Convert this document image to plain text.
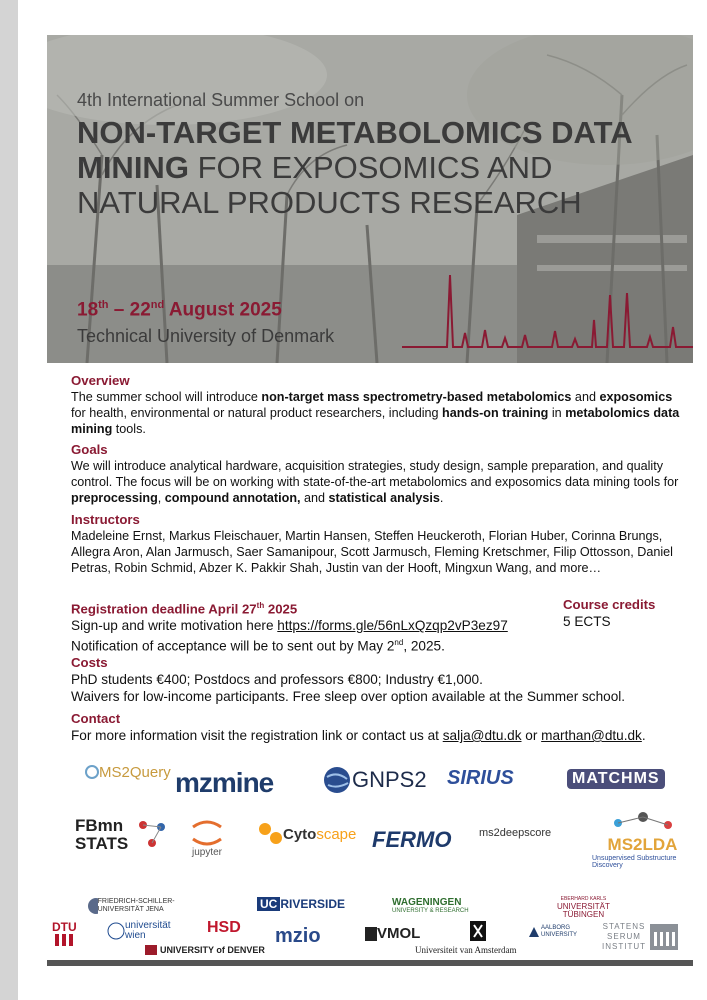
4th International Summer School on
NON-TARGET METABOLOMICS DATA MINING FOR EXPOSOMICS AND NATURAL PRODUCTS RESEARCH
18th – 22nd August 2025
Technical University of Denmark
Overview

The summer school will introduce non-target mass spectrometry-based metabolomics and exposomics for health, environmental or natural product researchers, including hands-on training in metabolomics data mining tools.

Goals

We will introduce analytical hardware, acquisition strategies, study design, sample preparation, and quality control. The focus will be on working with state-of-the-art metabolomics and exposomics data mining tools for preprocessing, compound annotation, and statistical analysis.

Instructors

Madeleine Ernst, Markus Fleischauer, Martin Hansen, Steffen Heuckeroth, Florian Huber, Corinna Brungs, Allegra Aron, Alan Jarmusch, Saer Samanipour, Scott Jarmusch, Fleming Kretschmer, Filip Ottosson, Daniel Petras, Robin Schmid, Abzer K. Pakkir Shah, Justin van der Hooft, Mingxun Wang, and more…

Registration deadline April 27th 2025

Sign-up and write motivation here https://forms.gle/56nLxQzqp2vP3ez97

Notification of acceptance will be to sent out by May 2nd, 2025.

Course credits
5 ECTS
Costs

PhD students €400; Postdocs and professors €800; Industry €1,000.

Waivers for low-income participants. Free sleep over option available at the Summer school.

Contact

For more information visit the registration link or contact us at salja@dtu.dk or marthan@dtu.dk.

MS2Query mzmine	GNPS2 SIRIUS	MATCHMS
FBmn STATS	jupyter
Cyto scape FERMO	ms2deepscore
MS2LDA
Unsupervised Substructure Discovery
FRIEDRICH-SCHILLER-UNIVERSITÄT JENA	UC RIVERSIDE	WAGENINGEN
UNIVERSITY & RESEARCH
EBERHARD KARLS
UNIVERSITÄT
TÜBINGEN
DTU	universität
wien	HSD mzio	VMOL	AALBORG
UNIVERSITY
STATENS
SERUM
INSTITUT
UNIVERSITY of DENVER	Universiteit van Amsterdam
